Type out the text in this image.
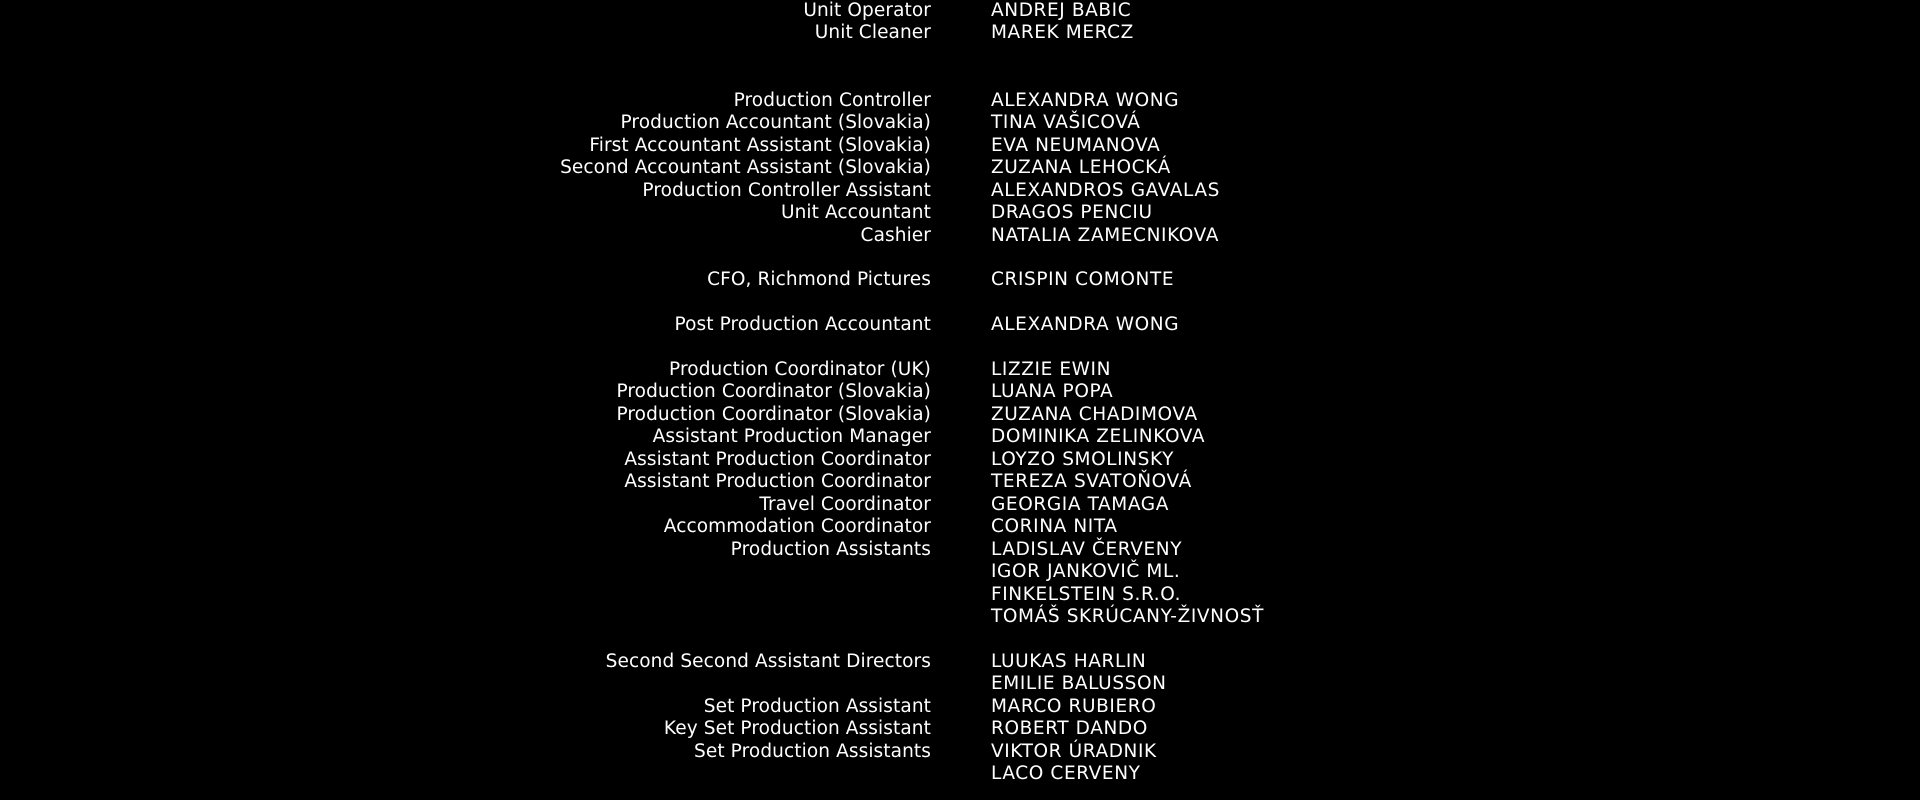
Unit Operator	ANDREJ BABIC
Unit Cleaner	MAREK MERCZ
Production Controller	ALEXANDRA WONG
Production Accountant (Slovakia)	TINA VAŠICOVÁ
First Accountant Assistant (Slovakia)	EVA NEUMANOVA
Second Accountant Assistant (Slovakia)	ZUZANA LEHOCKÁ
Production Controller Assistant	ALEXANDROS GAVALAS
Unit Accountant	DRAGOS PENCIU
Cashier	NATALIA ZAMECNIKOVA
CFO, Richmond Pictures	CRISPIN COMONTE
Post Production Accountant	ALEXANDRA WONG
Production Coordinator (UK)	LIZZIE EWIN
Production Coordinator (Slovakia)	LUANA POPA
Production Coordinator (Slovakia)	ZUZANA CHADIMOVA
Assistant Production Manager	DOMINIKA ZELINKOVA
Assistant Production Coordinator	LOYZO SMOLINSKY
Assistant Production Coordinator	TEREZA SVATOŇOVÁ
Travel Coordinator	GEORGIA TAMAGA
Accommodation Coordinator	CORINA NITA
Production Assistants	LADISLAV ČERVENY
IGOR JANKOVIČ ML.
FINKELSTEIN S.R.O.
TOMÁŠ SKRÚCANY-ŽIVNOSŤ
Second Second Assistant Directors	LUUKAS HARLIN
EMILIE BALUSSON
Set Production Assistant	MARCO RUBIERO
Key Set Production Assistant	ROBERT DANDO
Set Production Assistants	VIKTOR ÚRADNIK
LACO CERVENY
